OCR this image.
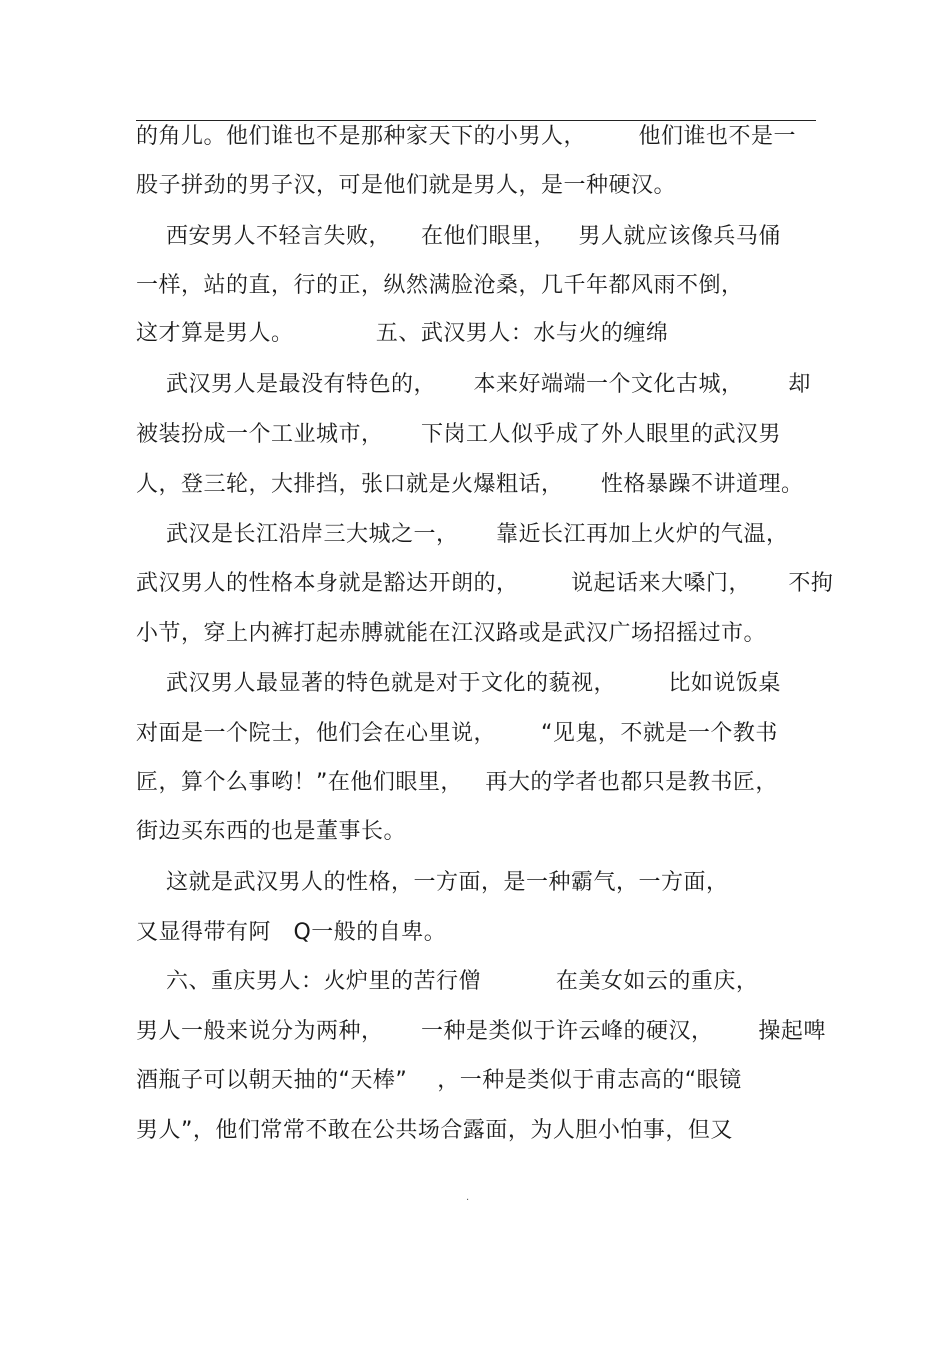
的角儿。他们谁也不是那种家天下的小男人，       他们谁也不是一
股子拼劲的男子汉，可是他们就是男人，是一种硬汉。
西安男人不轻言失败，    在他们眼里，   男人就应该像兵马俑
一样，站的直，行的正，纵然满脸沧桑，几千年都风雨不倒，
这才算是男人。           五、武汉男人：水与火的缠绵
武汉男人是最没有特色的，     本来好端端一个文化古城，      却
被装扮成一个工业城市，     下岗工人似乎成了外人眼里的武汉男
人，登三轮，大排挡，张口就是火爆粗话，     性格暴躁不讲道理。
武汉是长江沿岸三大城之一，     靠近长江再加上火炉的气温，
武汉男人的性格本身就是豁达开朗的，       说起话来大嗓门，     不拘
小节，穿上内裤打起赤膊就能在江汉路或是武汉广场招摇过市。
武汉男人最显著的特色就是对于文化的藐视，       比如说饭桌
对面是一个院士，他们会在心里说，      “见鬼，不就是一个教书
匠，算个么事哟！”在他们眼里，   再大的学者也都只是教书匠，
街边买东西的也是董事长。
这就是武汉男人的性格，一方面，是一种霸气，一方面，
又显得带有阿   Q一般的自卑。
六、重庆男人：火炉里的苦行僧          在美女如云的重庆，
男人一般来说分为两种，     一种是类似于许云峰的硬汉，      操起啤
酒瓶子可以朝天抽的“天棒”    ，一种是类似于甫志高的“眼镜
男人”，他们常常不敢在公共场合露面，为人胆小怕事，但又
.
